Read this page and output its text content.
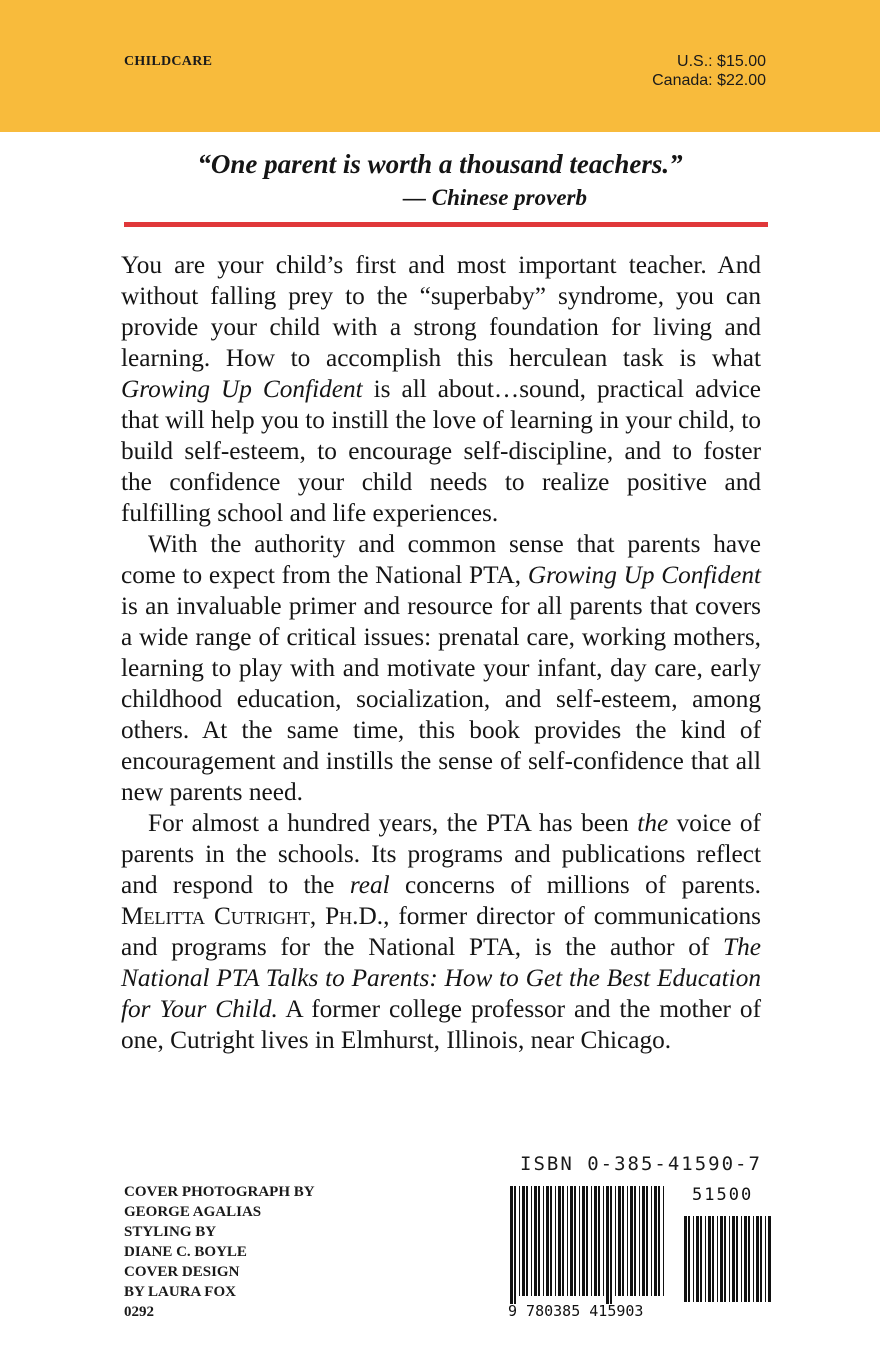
CHILDCARE	U.S.: $15.00
Canada: $22.00
“One parent is worth a thousand teachers.”
— Chinese proverb

You are your child’s first and most important teacher. And without falling prey to the “superbaby” syndrome, you can provide your child with a strong foundation for living and learning. How to accomplish this herculean task is what Growing Up Confident is all about…sound, practical advice that will help you to instill the love of learning in your child, to build self-esteem, to encourage self-discipline, and to foster the confidence your child needs to realize positive and fulfilling school and life experiences.

With the authority and common sense that parents have come to expect from the National PTA, Growing Up Confident is an invaluable primer and resource for all parents that covers a wide range of critical issues: prenatal care, working mothers, learning to play with and motivate your infant, day care, early childhood education, socialization, and self-esteem, among others. At the same time, this book provides the kind of encouragement and instills the sense of self-confidence that all new parents need.

For almost a hundred years, the PTA has been the voice of parents in the schools. Its programs and publications reflect and respond to the real concerns of millions of parents. Melitta Cutright, Ph.D., former director of communications and programs for the National PTA, is the author of The National PTA Talks to Parents: How to Get the Best Education for Your Child. A former college professor and the mother of one, Cutright lives in Elmhurst, Illinois, near Chicago.

COVER PHOTOGRAPH BY
GEORGE AGALIAS
STYLING BY
DIANE C. BOYLE
COVER DESIGN
BY LAURA FOX
0292
ISBN 0-385-41590-7
9 780385 415903
51500
